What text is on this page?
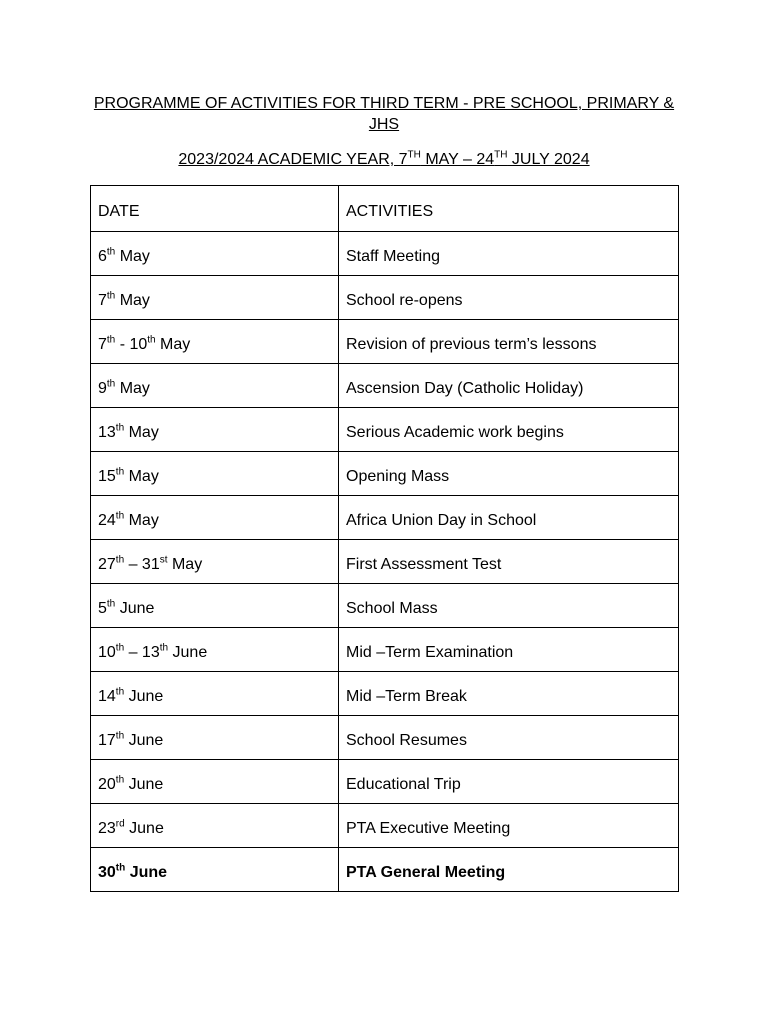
PROGRAMME OF ACTIVITIES FOR THIRD TERM - PRE SCHOOL, PRIMARY & JHS
2023/2024 ACADEMIC YEAR, 7TH MAY – 24TH JULY 2024
DATE	ACTIVITIES
6th May	Staff Meeting
7th May	School re-opens
7th - 10th May	Revision of previous term’s lessons
9th May	Ascension Day (Catholic Holiday)
13th May	Serious Academic work begins
15th May	Opening Mass
24th May	Africa Union Day in School
27th – 31st May	First Assessment Test
5th June	School Mass
10th – 13th June	Mid –Term Examination
14th June	Mid –Term Break
17th June	School Resumes
20th June	Educational Trip
23rd June	PTA Executive Meeting
30th June	PTA General Meeting
